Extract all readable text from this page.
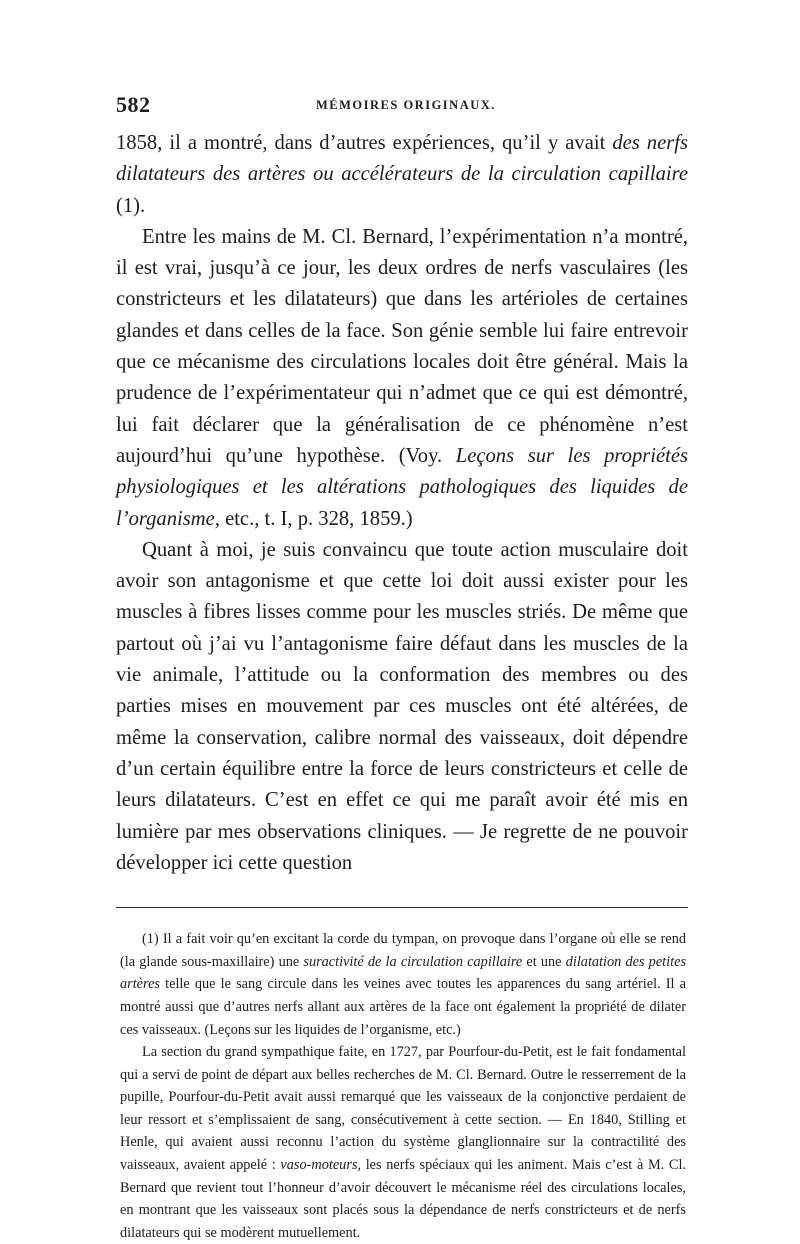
582	MÉMOIRES ORIGINAUX.

1858, il a montré, dans d’autres expériences, qu’il y avait des nerfs dilatateurs des artères ou accélérateurs de la circulation capillaire (1).

Entre les mains de M. Cl. Bernard, l’expérimentation n’a montré, il est vrai, jusqu’à ce jour, les deux ordres de nerfs vasculaires (les constricteurs et les dilatateurs) que dans les artérioles de certaines glandes et dans celles de la face. Son génie semble lui faire entrevoir que ce mécanisme des circulations locales doit être général. Mais la prudence de l’expérimentateur qui n’admet que ce qui est démontré, lui fait déclarer que la généralisation de ce phénomène n’est aujourd’hui qu’une hypothèse. (Voy. Leçons sur les propriétés physiologiques et les altérations pathologiques des liquides de l’organisme, etc., t. I, p. 328, 1859.)

Quant à moi, je suis convaincu que toute action musculaire doit avoir son antagonisme et que cette loi doit aussi exister pour les muscles à fibres lisses comme pour les muscles striés. De même que partout où j’ai vu l’antagonisme faire défaut dans les muscles de la vie animale, l’attitude ou la conformation des membres ou des parties mises en mouvement par ces muscles ont été altérées, de même la conservation, calibre normal des vaisseaux, doit dépendre d’un certain équilibre entre la force de leurs constricteurs et celle de leurs dilatateurs. C’est en effet ce qui me paraît avoir été mis en lumière par mes observations cliniques. — Je regrette de ne pouvoir développer ici cette question

(1) Il a fait voir qu’en excitant la corde du tympan, on provoque dans l’organe où elle se rend (la glande sous-maxillaire) une suractivité de la circulation capillaire et une dilatation des petites artères telle que le sang circule dans les veines avec toutes les apparences du sang artériel. Il a montré aussi que d’autres nerfs allant aux artères de la face ont également la propriété de dilater ces vaisseaux. (Leçons sur les liquides de l’organisme, etc.)

La section du grand sympathique faite, en 1727, par Pourfour-du-Petit, est le fait fondamental qui a servi de point de départ aux belles recherches de M. Cl. Bernard. Outre le resserrement de la pupille, Pourfour-du-Petit avait aussi remarqué que les vaisseaux de la conjonctive perdaient de leur ressort et s’emplissaient de sang, consécutivement à cette section. — En 1840, Stilling et Henle, qui avaient aussi reconnu l’action du système glanglionnaire sur la contractilité des vaisseaux, avaient appelé : vaso-moteurs, les nerfs spéciaux qui les animent. Mais c’est à M. Cl. Bernard que revient tout l’honneur d’avoir découvert le mécanisme réel des circulations locales, en montrant que les vaisseaux sont placés sous la dépendance de nerfs constricteurs et de nerfs dilatateurs qui se modèrent mutuellement.
